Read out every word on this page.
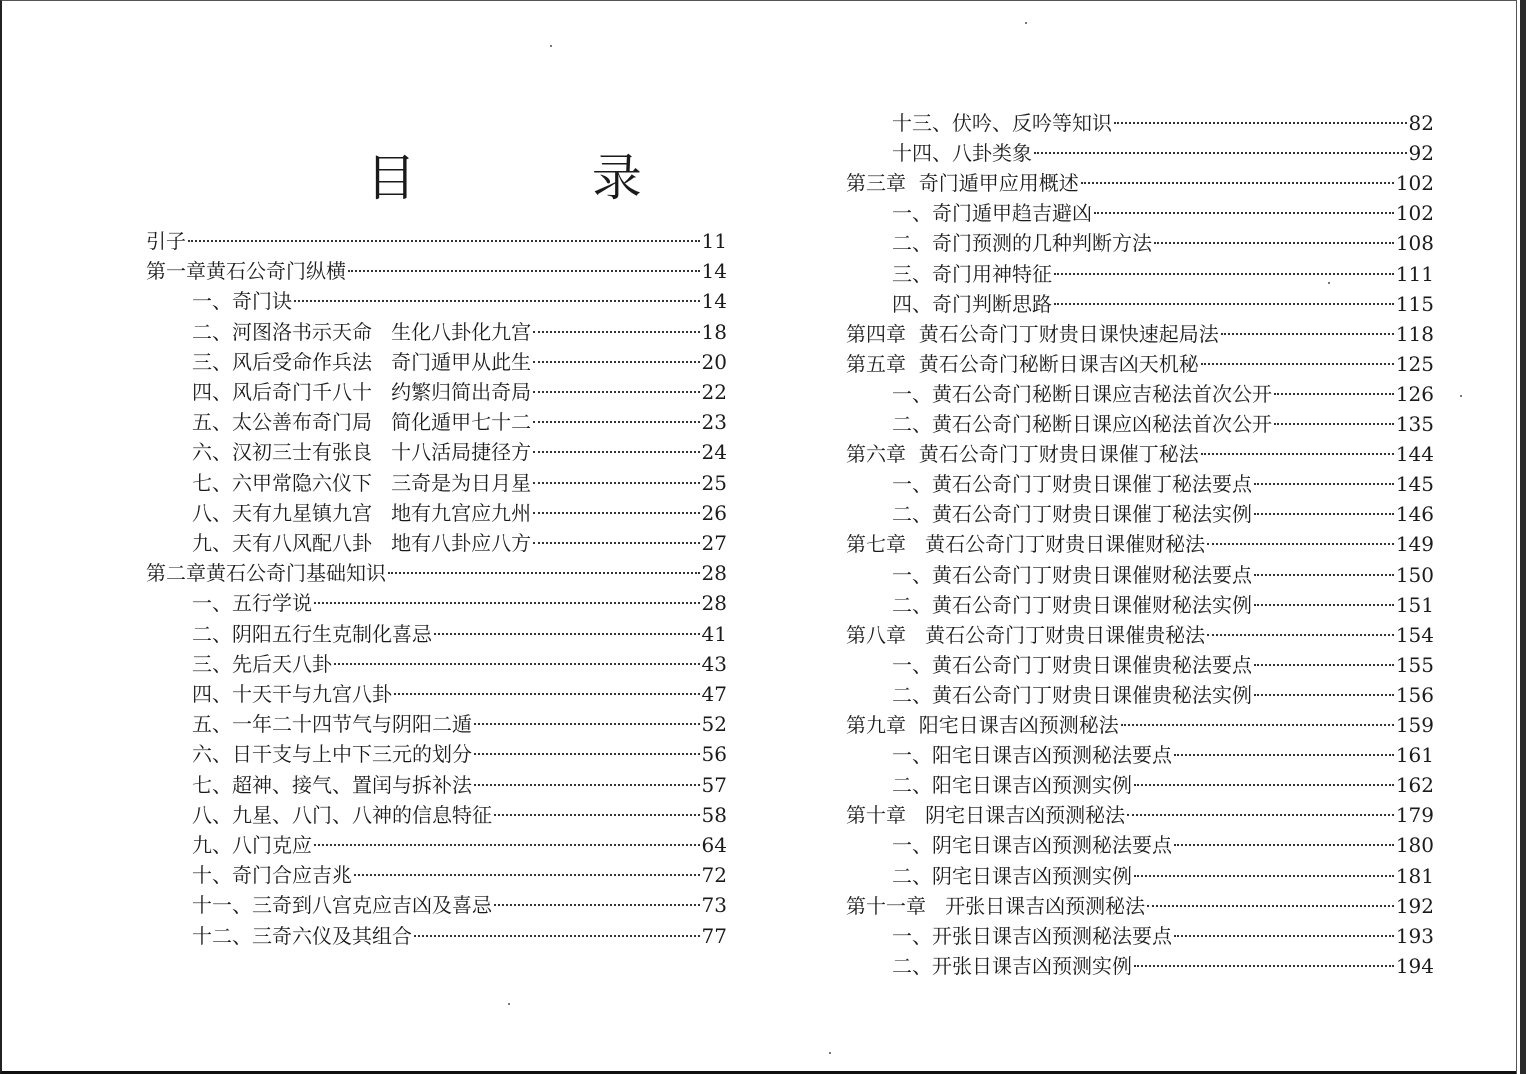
目 录
引子	11
第一章黄石公奇门纵横	14
一、奇门诀	14
二、河图洛书示天命   生化八卦化九宫	18
三、风后受命作兵法   奇门遁甲从此生	20
四、风后奇门千八十   约繁归简出奇局	22
五、太公善布奇门局   简化遁甲七十二	23
六、汉初三士有张良   十八活局捷径方	24
七、六甲常隐六仪下   三奇是为日月星	25
八、天有九星镇九宫   地有九宫应九州	26
九、天有八风配八卦   地有八卦应八方	27
第二章黄石公奇门基础知识	28
一、五行学说	28
二、阴阳五行生克制化喜忌	41
三、先后天八卦	43
四、十天干与九宫八卦	47
五、一年二十四节气与阴阳二遁	52
六、日干支与上中下三元的划分	56
七、超神、接气、置闰与拆补法	57
八、九星、八门、八神的信息特征	58
九、八门克应	64
十、奇门合应吉兆	72
十一、三奇到八宫克应吉凶及喜忌	73
十二、三奇六仪及其组合	77
十三、伏吟、反吟等知识	82
十四、八卦类象	92
第三章  奇门遁甲应用概述	102
一、奇门遁甲趋吉避凶	102
二、奇门预测的几种判断方法	108
三、奇门用神特征	111
四、奇门判断思路	115
第四章  黄石公奇门丁财贵日课快速起局法	118
第五章  黄石公奇门秘断日课吉凶天机秘	125
一、黄石公奇门秘断日课应吉秘法首次公开	126
二、黄石公奇门秘断日课应凶秘法首次公开	135
第六章  黄石公奇门丁财贵日课催丁秘法	144
一、黄石公奇门丁财贵日课催丁秘法要点	145
二、黄石公奇门丁财贵日课催丁秘法实例	146
第七章   黄石公奇门丁财贵日课催财秘法	149
一、黄石公奇门丁财贵日课催财秘法要点	150
二、黄石公奇门丁财贵日课催财秘法实例	151
第八章   黄石公奇门丁财贵日课催贵秘法	154
一、黄石公奇门丁财贵日课催贵秘法要点	155
二、黄石公奇门丁财贵日课催贵秘法实例	156
第九章  阳宅日课吉凶预测秘法	159
一、阳宅日课吉凶预测秘法要点	161
二、阳宅日课吉凶预测实例	162
第十章   阴宅日课吉凶预测秘法	179
一、阴宅日课吉凶预测秘法要点	180
二、阴宅日课吉凶预测实例	181
第十一章   开张日课吉凶预测秘法	192
一、开张日课吉凶预测秘法要点	193
二、开张日课吉凶预测实例	194
